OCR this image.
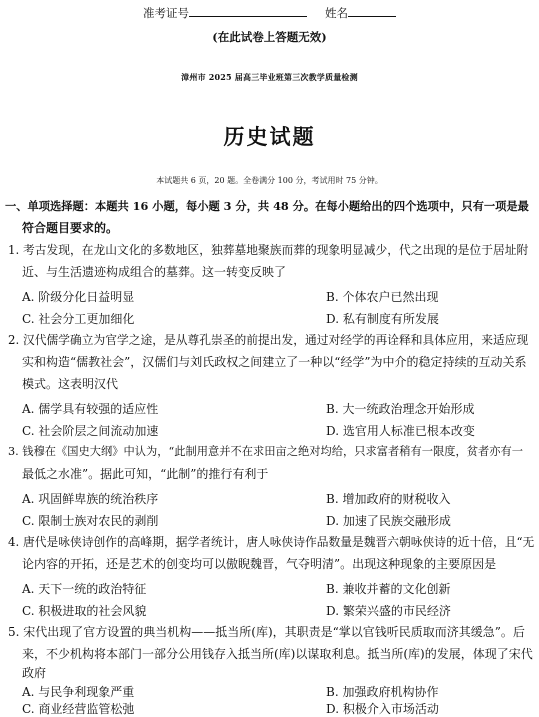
准考证号	姓名
(在此试卷上答题无效)
漳州市 2025 届高三毕业班第三次教学质量检测
历史试题
本试题共 6 页，20 题。全卷满分 100 分，考试用时 75 分钟。
一、单项选择题：本题共 16 小题，每小题 3 分，共 48 分。在每小题给出的四个选项中，只有一项是最
符合题目要求的。
1. 考古发现，在龙山文化的多数地区，独葬墓地聚族而葬的现象明显减少，代之出现的是位于居址附
近、与生活遗迹构成组合的墓葬。这一转变反映了
A. 阶级分化日益明显	B. 个体农户已然出现
C. 社会分工更加细化	D. 私有制度有所发展
2. 汉代儒学确立为官学之途，是从尊孔崇圣的前提出发，通过对经学的再诠释和具体应用，来适应现
实和构造“儒教社会”，汉儒们与刘氏政权之间建立了一种以“经学”为中介的稳定持续的互动关系
模式。这表明汉代
A. 儒学具有较强的适应性	B. 大一统政治理念开始形成
C. 社会阶层之间流动加速	D. 选官用人标准已根本改变
3. 钱穆在《国史大纲》中认为，“此制用意并不在求田亩之绝对均给，只求富者稍有一限度，贫者亦有一
最低之水准”。据此可知，“此制”的推行有利于
A. 巩固鲜卑族的统治秩序	B. 增加政府的财税收入
C. 限制士族对农民的剥削	D. 加速了民族交融形成
4. 唐代是咏侠诗创作的高峰期，据学者统计，唐人咏侠诗作品数量是魏晋六朝咏侠诗的近十倍，且“无
论内容的开拓，还是艺术的创变均可以傲睨魏晋，气夺明清”。出现这种现象的主要原因是
A. 天下一统的政治特征	B. 兼收并蓄的文化创新
C. 积极进取的社会风貌	D. 繁荣兴盛的市民经济
5. 宋代出现了官方设置的典当机构——抵当所(库)，其职责是“掌以官钱听民质取而济其缓急”。后
来，不少机构将本部门一部分公用钱存入抵当所(库)以谋取利息。抵当所(库)的发展，体现了宋代
政府
A. 与民争利现象严重	B. 加强政府机构协作
C. 商业经营监管松弛	D. 积极介入市场活动
